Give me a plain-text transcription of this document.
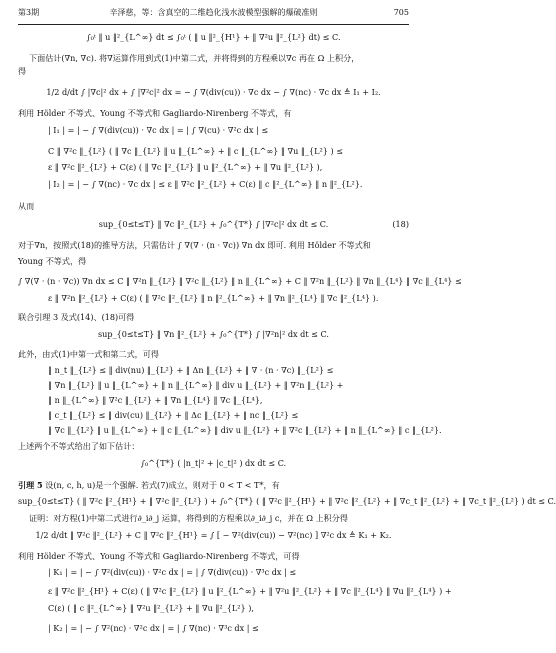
第3期	辛泽慈，等：含真空的二维趋化浅水波模型强解的爆破准则	705
∫₀ᵗ ‖ u ‖²_{L^∞} dt ≤ ∫₀ᵗ ( ‖ u ‖²_{H¹} + ‖ ∇²u ‖²_{L²} dt) ≤ C.
下面估计(∇n, ∇c). 将∇运算作用到式(1)中第二式，并将得到的方程乘以∇c 再在 Ω 上积分，
得
1/2 d/dt ∫ |∇c|² dx + ∫ |∇²c|² dx = − ∫ ∇(div(cu)) · ∇c dx − ∫ ∇(nc) · ∇c dx ≜ I₁ + I₂.
利用 Hölder 不等式、Young 不等式和 Gagliardo-Nirenberg 不等式，有
| I₁ | = | − ∫ ∇(div(cu)) · ∇c dx | = | ∫ ∇(cu) · ∇²c dx | ≤
C ‖ ∇²c ‖_{L²} ( ‖ ∇c ‖_{L²} ‖ u ‖_{L^∞} + ‖ c ‖_{L^∞} ‖ ∇u ‖_{L²} ) ≤
ε ‖ ∇²c ‖²_{L²} + C(ε) ( ‖ ∇c ‖²_{L²} ‖ u ‖²_{L^∞} + ‖ ∇u ‖²_{L²} ),
| I₂ | = | − ∫ ∇(nc) · ∇c dx | ≤ ε ‖ ∇²c ‖²_{L²} + C(ε) ‖ c ‖²_{L^∞} ‖ n ‖²_{L²}.
从而
sup_{0≤t≤T} ‖ ∇c ‖²_{L²} + ∫₀^{T*} ∫ |∇²c|² dx dt ≤ C.	(18)
对于∇n，按照式(18)的推导方法，只需估计 ∫ ∇(∇ · (n · ∇c)) ∇n dx 即可. 利用 Hölder 不等式和
Young 不等式，得
∫ ∇(∇ · (n · ∇c)) ∇n dx ≤ C ‖ ∇²n ‖_{L²} ‖ ∇²c ‖_{L²} ‖ n ‖_{L^∞} + C ‖ ∇²n ‖_{L²} ‖ ∇n ‖_{L⁴} ‖ ∇c ‖_{L⁴} ≤
ε ‖ ∇²n ‖²_{L²} + C(ε) ( ‖ ∇²c ‖²_{L²} ‖ n ‖²_{L^∞} + ‖ ∇n ‖²_{L⁴} ‖ ∇c ‖²_{L⁴} ).
联合引理 3 及式(14)、(18)可得
sup_{0≤t≤T} ‖ ∇n ‖²_{L²} + ∫₀^{T*} ∫ |∇²n|² dx dt ≤ C.
此外，由式(1)中第一式和第二式，可得
‖ n_t ‖_{L²} ≤ ‖ div(nu) ‖_{L²} + ‖ Δn ‖_{L²} + ‖ ∇ · (n · ∇c) ‖_{L²} ≤
‖ ∇n ‖_{L²} ‖ u ‖_{L^∞} + ‖ n ‖_{L^∞} ‖ div u ‖_{L²} + ‖ ∇²n ‖_{L²} +
‖ n ‖_{L^∞} ‖ ∇²c ‖_{L²} + ‖ ∇n ‖_{L⁴} ‖ ∇c ‖_{L⁴},
‖ c_t ‖_{L²} ≤ ‖ div(cu) ‖_{L²} + ‖ Δc ‖_{L²} + ‖ nc ‖_{L²} ≤
‖ ∇c ‖_{L²} ‖ u ‖_{L^∞} + ‖ c ‖_{L^∞} ‖ div u ‖_{L²} + ‖ ∇²c ‖_{L²} + ‖ n ‖_{L^∞} ‖ c ‖_{L²}.
上述两个不等式给出了如下估计：
∫₀^{T*} ( |n_t|² + |c_t|² ) dx dt ≤ C.
引理 5 设(n, c, h, u)是一个强解. 若式(7)成立，则对于 0 < T < T*，有
sup_{0≤t≤T} ( ‖ ∇²c ‖²_{H¹} + ‖ ∇²c ‖²_{L²} ) + ∫₀^{T*} ( ‖ ∇²c ‖²_{H¹} + ‖ ∇²c ‖²_{L²} + ‖ ∇c_t ‖²_{L²} + ‖ ∇c_t ‖²_{L²} ) dt ≤ C.
证明：对方程(1)中第二式进行∂_i∂_j 运算，将得到的方程乘以∂_i∂_j c，并在 Ω 上积分得
1/2 d/dt ‖ ∇²c ‖²_{L²} + C ‖ ∇²c ‖²_{H¹} = ∫ [ − ∇²(div(cu)) − ∇²(nc) ] ∇²c dx ≜ K₁ + K₂.
利用 Hölder 不等式、Young 不等式和 Gagliardo-Nirenberg 不等式，可得
| K₁ | = | − ∫ ∇²(div(cu)) · ∇²c dx | = | ∫ ∇(div(cu)) · ∇³c dx | ≤
ε ‖ ∇²c ‖²_{H¹} + C(ε) ( ‖ ∇²c ‖²_{L²} ‖ u ‖²_{L^∞} + ‖ ∇²u ‖²_{L²} + ‖ ∇c ‖²_{L⁴} ‖ ∇u ‖²_{L⁴} ) +
C(ε) ( ‖ c ‖²_{L^∞} ‖ ∇²u ‖²_{L²} + ‖ ∇u ‖²_{L²} ),
| K₂ | = | − ∫ ∇²(nc) · ∇²c dx | = | ∫ ∇(nc) · ∇³c dx | ≤
